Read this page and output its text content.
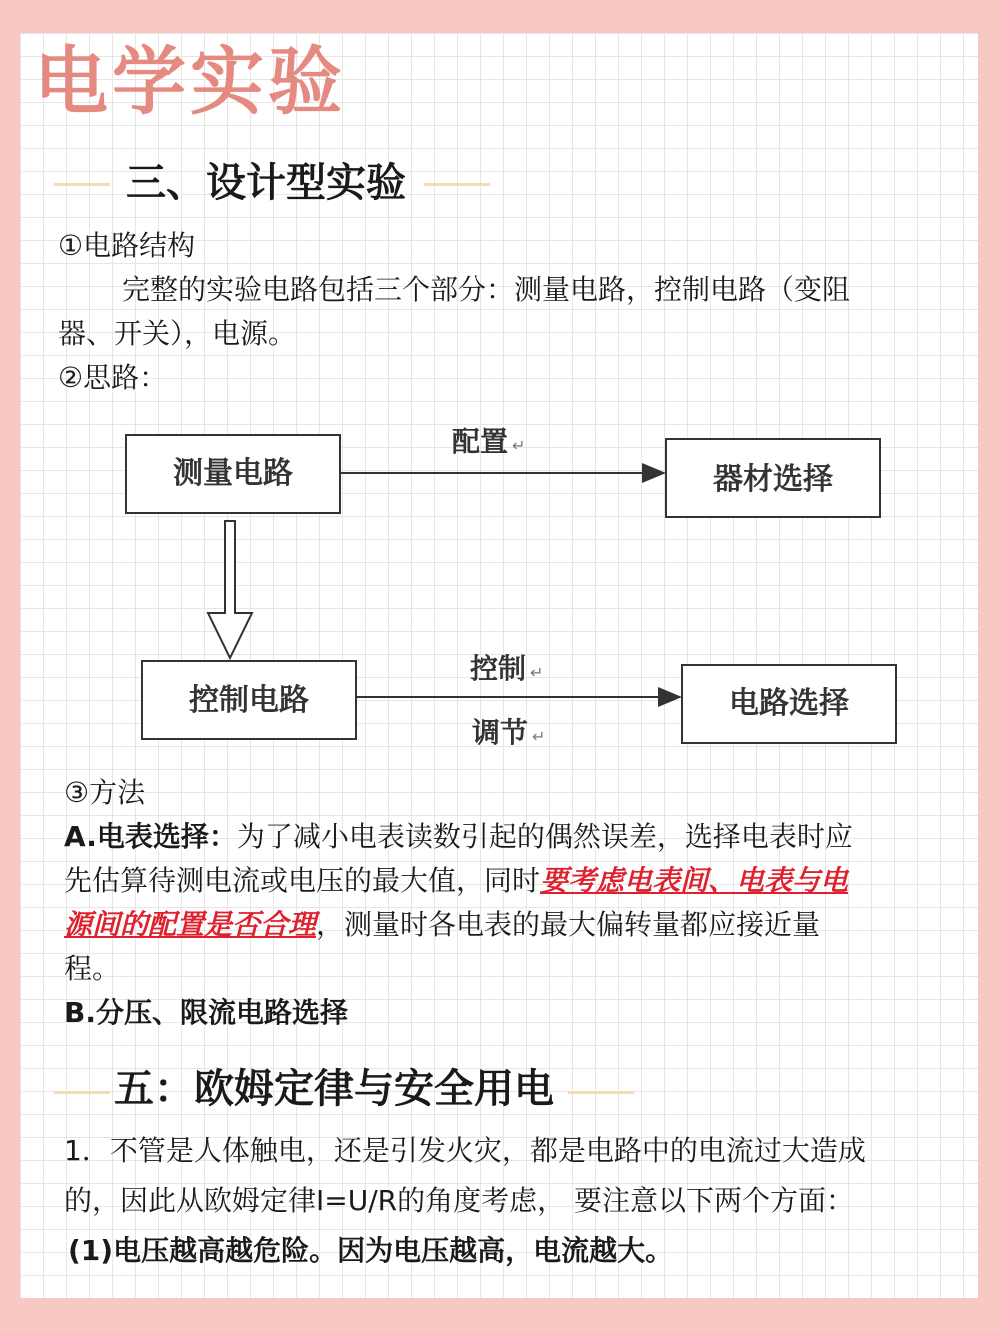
电学实验
三、设计型实验
①电路结构
完整的实验电路包括三个部分：测量电路，控制电路（变阻
器、开关），电源。
②思路：
测量电路	器材选择
配置 ↵
控制电路	电路选择
控制 ↵
调节 ↵
③方法
A.电表选择：为了减小电表读数引起的偶然误差，选择电表时应
先估算待测电流或电压的最大值，同时要考虑电表间、电表与电
源间的配置是否合理，测量时各电表的最大偏转量都应接近量
程。
B.分压、限流电路选择
五：欧姆定律与安全用电
1．不管是人体触电，还是引发火灾，都是电路中的电流过大造成
的，因此从欧姆定律I=U/R的角度考虑， 要注意以下两个方面：
(1)电压越高越危险。因为电压越高，电流越大。
